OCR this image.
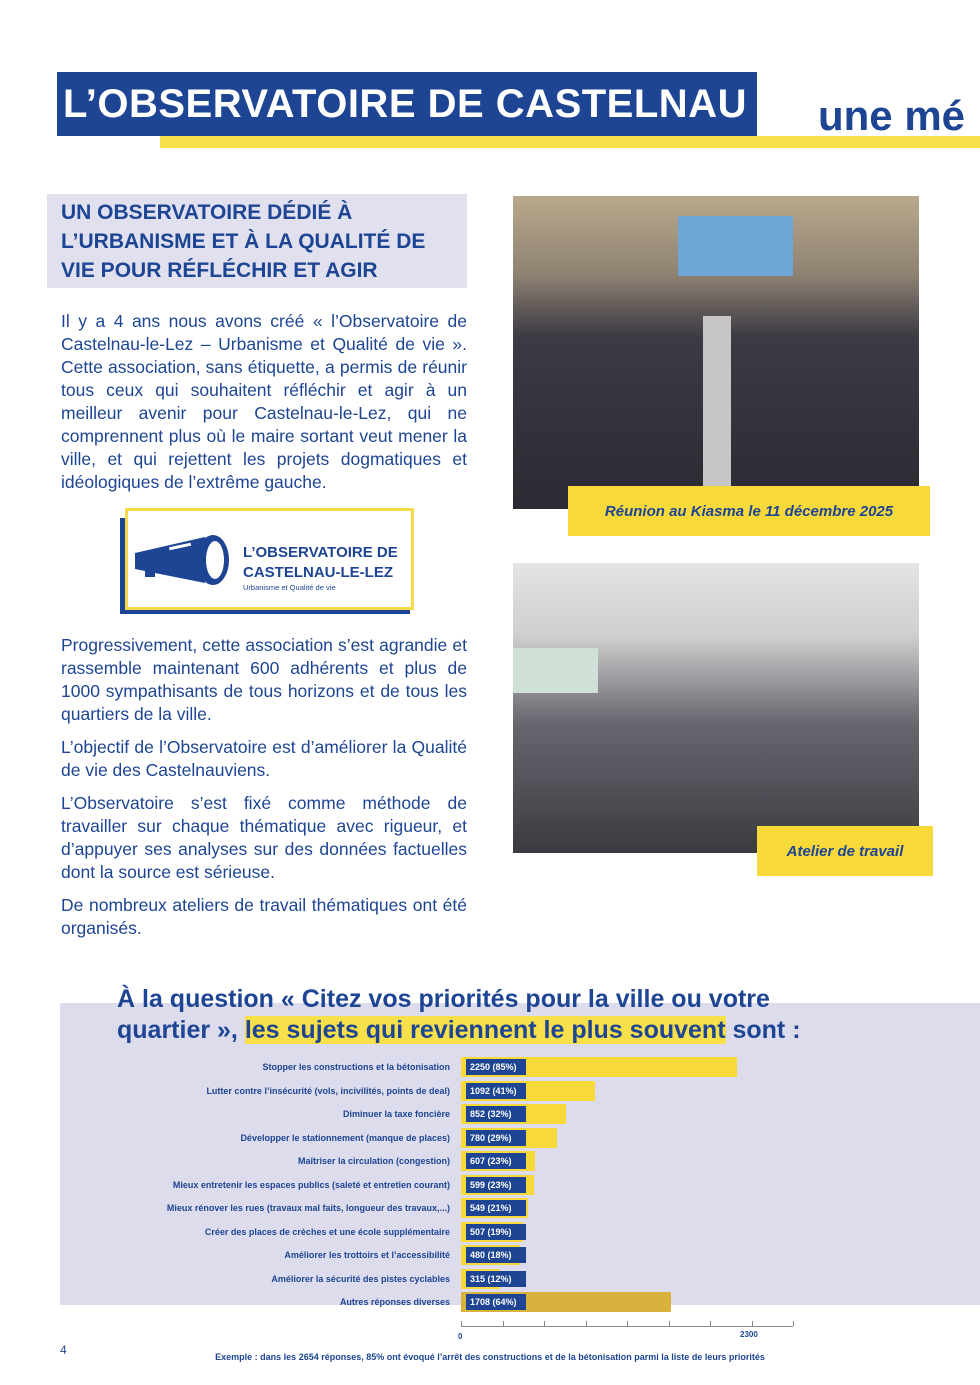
L’OBSERVATOIRE DE CASTELNAU une mé
UN OBSERVATOIRE DÉDIÉ À L’URBANISME ET À LA QUALITÉ DE VIE POUR RÉFLÉCHIR ET AGIR
Il y a 4 ans nous avons créé « l’Observatoire de Castelnau-le-Lez – Urbanisme et Qualité de vie ». Cette association, sans étiquette, a permis de réunir tous ceux qui souhaitent réfléchir et agir à un meilleur avenir pour Castelnau-le-Lez, qui ne comprennent plus où le maire sortant veut mener la ville, et qui rejettent les projets dogmatiques et idéologiques de l’extrême gauche.
L’OBSERVATOIRE DE
CASTELNAU-LE-LEZ
Urbanisme et Qualité de vie
Progressivement, cette association s’est agrandie et rassemble maintenant 600 adhérents et plus de 1000 sympathisants de tous horizons et de tous les quartiers de la ville.
L’objectif de l’Observatoire est d’améliorer la Qualité de vie des Castelnauviens.
L’Observatoire s’est fixé comme méthode de travailler sur chaque thématique avec rigueur, et d’appuyer ses analyses sur des données factuelles dont la source est sérieuse.
De nombreux ateliers de travail thématiques ont été organisés.
Réunion au Kiasma le 11 décembre 2025
Atelier de travail
À la question « Citez vos priorités pour la ville ou votre
quartier », les sujets qui reviennent le plus souvent sont :
Stopper les constructions et la bétonisation	2250 (85%)
Lutter contre l’insécurité (vols, incivilités, points de deal)	1092 (41%)
Diminuer la taxe foncière	852 (32%)
Développer le stationnement (manque de places)	780 (29%)
Maîtriser la circulation (congestion)	607 (23%)
Mieux entretenir les espaces publics (saleté et entretien courant)	599 (23%)
Mieux rénover les rues (travaux mal faits, longueur des travaux,...)	549 (21%)
Créer des places de crèches et une école supplémentaire	507 (19%)
Améliorer les trottoirs et l’accessibilité	480 (18%)
Améliorer la sécurité des pistes cyclables	315 (12%)
Autres réponses diverses	1708 (64%)
0	2300
Exemple : dans les 2654 réponses, 85% ont évoqué l’arrêt des constructions et de la bétonisation parmi la liste de leurs priorités
4
